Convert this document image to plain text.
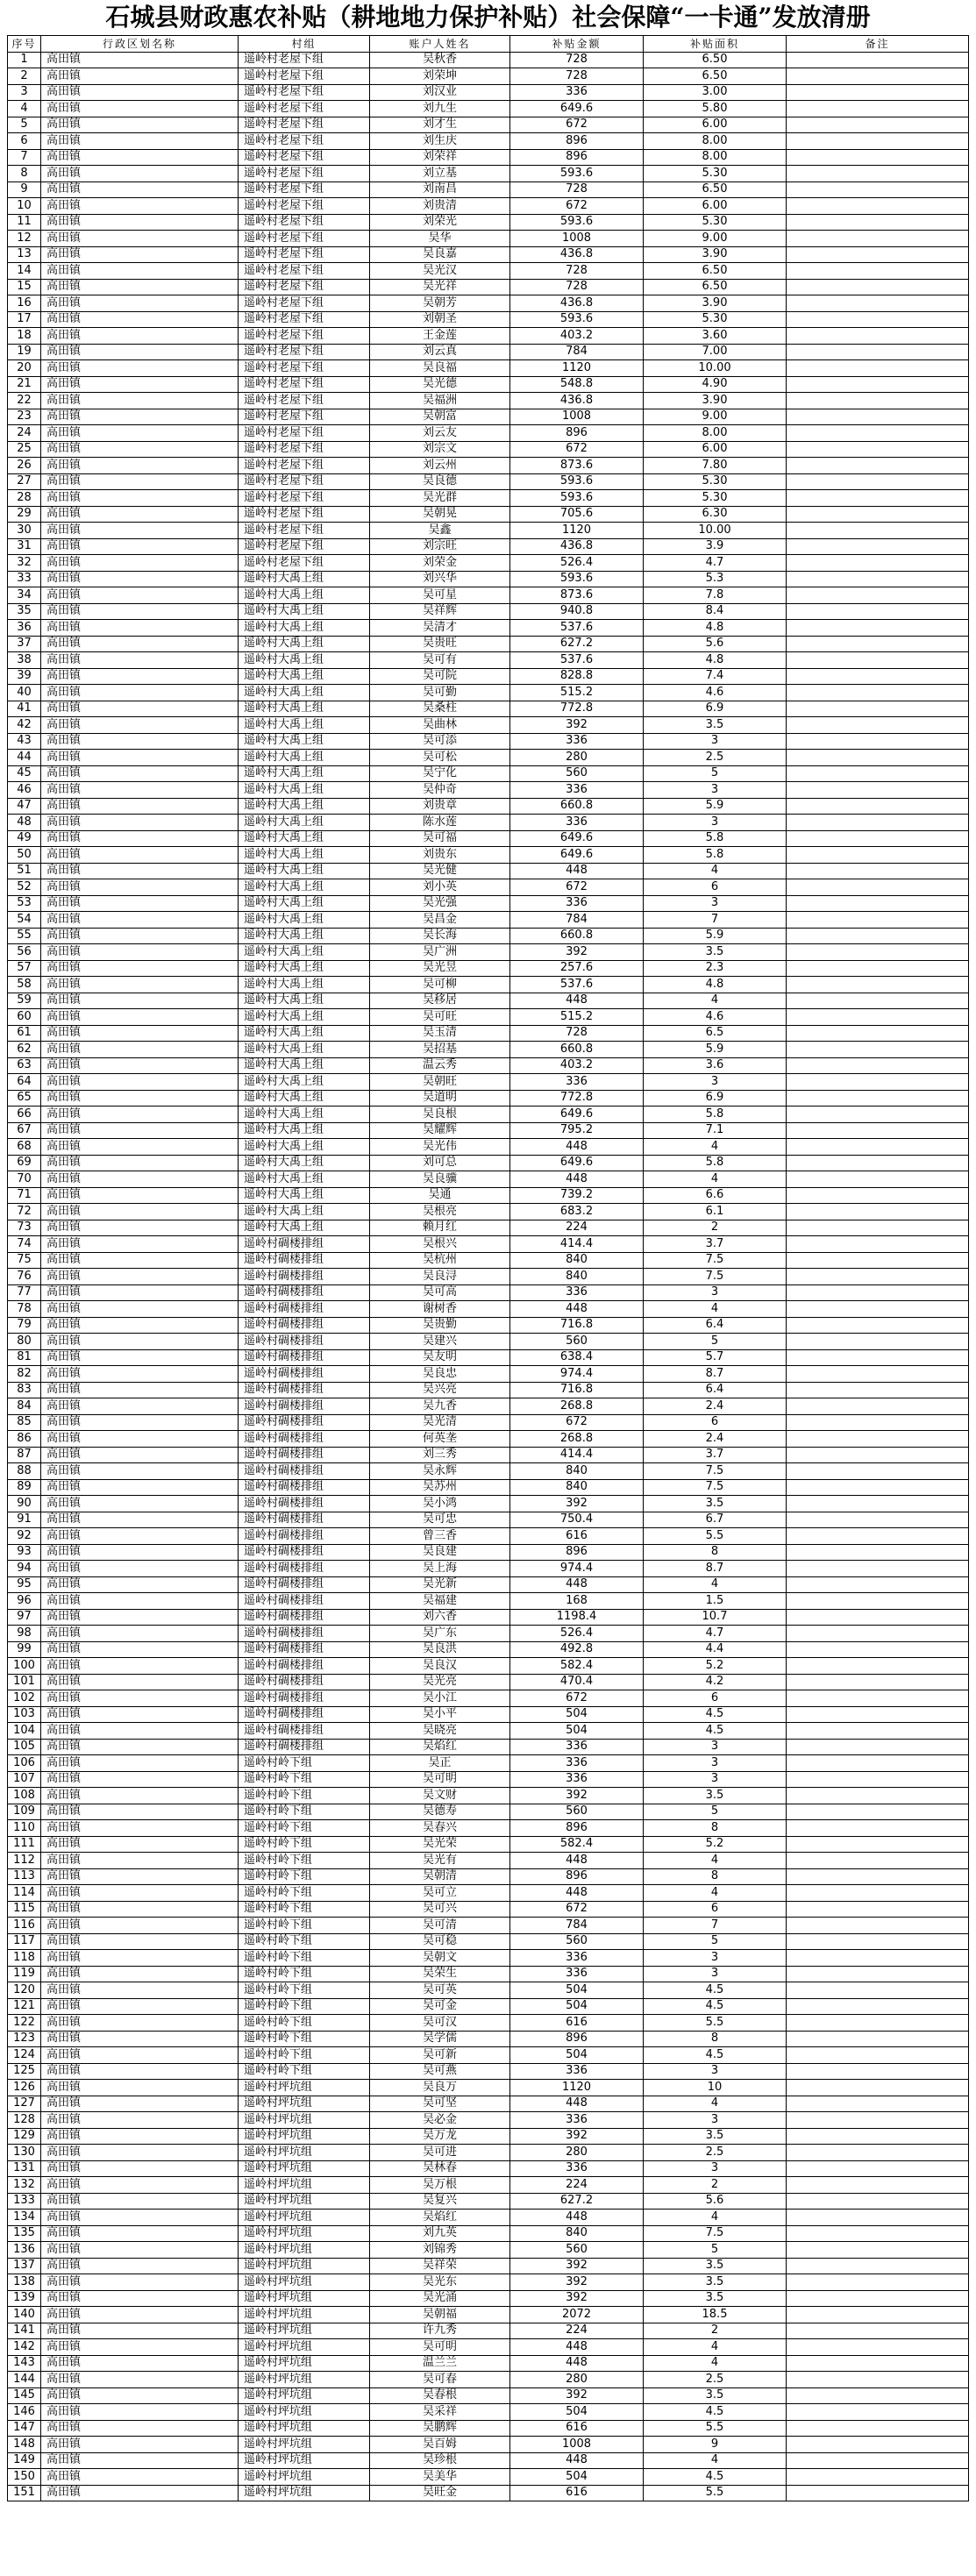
石城县财政惠农补贴（耕地地力保护补贴）社会保障“一卡通”发放清册
序号	行政区划名称	村组	账户人姓名	补贴金额	补贴面积	备注
1	高田镇	遥岭村老屋下组	吴秋香	728	6.50	
2	高田镇	遥岭村老屋下组	刘荣坤	728	6.50	
3	高田镇	遥岭村老屋下组	刘汉业	336	3.00	
4	高田镇	遥岭村老屋下组	刘九生	649.6	5.80	
5	高田镇	遥岭村老屋下组	刘才生	672	6.00	
6	高田镇	遥岭村老屋下组	刘生庆	896	8.00	
7	高田镇	遥岭村老屋下组	刘荣祥	896	8.00	
8	高田镇	遥岭村老屋下组	刘立基	593.6	5.30	
9	高田镇	遥岭村老屋下组	刘南昌	728	6.50	
10	高田镇	遥岭村老屋下组	刘贵清	672	6.00	
11	高田镇	遥岭村老屋下组	刘荣光	593.6	5.30	
12	高田镇	遥岭村老屋下组	吴华	1008	9.00	
13	高田镇	遥岭村老屋下组	吴良嘉	436.8	3.90	
14	高田镇	遥岭村老屋下组	吴光汉	728	6.50	
15	高田镇	遥岭村老屋下组	吴光祥	728	6.50	
16	高田镇	遥岭村老屋下组	吴朝芳	436.8	3.90	
17	高田镇	遥岭村老屋下组	刘朝圣	593.6	5.30	
18	高田镇	遥岭村老屋下组	王金莲	403.2	3.60	
19	高田镇	遥岭村老屋下组	刘云真	784	7.00	
20	高田镇	遥岭村老屋下组	吴良福	1120	10.00	
21	高田镇	遥岭村老屋下组	吴光德	548.8	4.90	
22	高田镇	遥岭村老屋下组	吴福洲	436.8	3.90	
23	高田镇	遥岭村老屋下组	吴朝富	1008	9.00	
24	高田镇	遥岭村老屋下组	刘云友	896	8.00	
25	高田镇	遥岭村老屋下组	刘宗文	672	6.00	
26	高田镇	遥岭村老屋下组	刘云州	873.6	7.80	
27	高田镇	遥岭村老屋下组	吴良德	593.6	5.30	
28	高田镇	遥岭村老屋下组	吴光群	593.6	5.30	
29	高田镇	遥岭村老屋下组	吴朝晃	705.6	6.30	
30	高田镇	遥岭村老屋下组	吴鑫	1120	10.00	
31	高田镇	遥岭村老屋下组	刘宗旺	436.8	3.9	
32	高田镇	遥岭村老屋下组	刘荣金	526.4	4.7	
33	高田镇	遥岭村大禹上组	刘兴华	593.6	5.3	
34	高田镇	遥岭村大禹上组	吴可星	873.6	7.8	
35	高田镇	遥岭村大禹上组	吴祥辉	940.8	8.4	
36	高田镇	遥岭村大禹上组	吴清才	537.6	4.8	
37	高田镇	遥岭村大禹上组	吴贵旺	627.2	5.6	
38	高田镇	遥岭村大禹上组	吴可有	537.6	4.8	
39	高田镇	遥岭村大禹上组	吴可院	828.8	7.4	
40	高田镇	遥岭村大禹上组	吴可勤	515.2	4.6	
41	高田镇	遥岭村大禹上组	吴桑柱	772.8	6.9	
42	高田镇	遥岭村大禹上组	吴曲林	392	3.5	
43	高田镇	遥岭村大禹上组	吴可添	336	3	
44	高田镇	遥岭村大禹上组	吴可松	280	2.5	
45	高田镇	遥岭村大禹上组	吴宁化	560	5	
46	高田镇	遥岭村大禹上组	吴仲奇	336	3	
47	高田镇	遥岭村大禹上组	刘贵章	660.8	5.9	
48	高田镇	遥岭村大禹上组	陈水莲	336	3	
49	高田镇	遥岭村大禹上组	吴可福	649.6	5.8	
50	高田镇	遥岭村大禹上组	刘贵东	649.6	5.8	
51	高田镇	遥岭村大禹上组	吴光健	448	4	
52	高田镇	遥岭村大禹上组	刘小英	672	6	
53	高田镇	遥岭村大禹上组	吴光强	336	3	
54	高田镇	遥岭村大禹上组	吴昌金	784	7	
55	高田镇	遥岭村大禹上组	吴长海	660.8	5.9	
56	高田镇	遥岭村大禹上组	吴广洲	392	3.5	
57	高田镇	遥岭村大禹上组	吴光昱	257.6	2.3	
58	高田镇	遥岭村大禹上组	吴可柳	537.6	4.8	
59	高田镇	遥岭村大禹上组	吴移居	448	4	
60	高田镇	遥岭村大禹上组	吴可旺	515.2	4.6	
61	高田镇	遥岭村大禹上组	吴玉清	728	6.5	
62	高田镇	遥岭村大禹上组	吴招基	660.8	5.9	
63	高田镇	遥岭村大禹上组	温云秀	403.2	3.6	
64	高田镇	遥岭村大禹上组	吴朝旺	336	3	
65	高田镇	遥岭村大禹上组	吴道明	772.8	6.9	
66	高田镇	遥岭村大禹上组	吴良根	649.6	5.8	
67	高田镇	遥岭村大禹上组	吴耀辉	795.2	7.1	
68	高田镇	遥岭村大禹上组	吴光伟	448	4	
69	高田镇	遥岭村大禹上组	刘可总	649.6	5.8	
70	高田镇	遥岭村大禹上组	吴良骥	448	4	
71	高田镇	遥岭村大禹上组	吴通	739.2	6.6	
72	高田镇	遥岭村大禹上组	吴根亮	683.2	6.1	
73	高田镇	遥岭村大禹上组	赖月红	224	2	
74	高田镇	遥岭村碉楼排组	吴根兴	414.4	3.7	
75	高田镇	遥岭村碉楼排组	吴杭州	840	7.5	
76	高田镇	遥岭村碉楼排组	吴良浔	840	7.5	
77	高田镇	遥岭村碉楼排组	吴可高	336	3	
78	高田镇	遥岭村碉楼排组	谢树香	448	4	
79	高田镇	遥岭村碉楼排组	吴贵勤	716.8	6.4	
80	高田镇	遥岭村碉楼排组	吴建兴	560	5	
81	高田镇	遥岭村碉楼排组	吴友明	638.4	5.7	
82	高田镇	遥岭村碉楼排组	吴良忠	974.4	8.7	
83	高田镇	遥岭村碉楼排组	吴兴亮	716.8	6.4	
84	高田镇	遥岭村碉楼排组	吴九香	268.8	2.4	
85	高田镇	遥岭村碉楼排组	吴光清	672	6	
86	高田镇	遥岭村碉楼排组	何英垄	268.8	2.4	
87	高田镇	遥岭村碉楼排组	刘三秀	414.4	3.7	
88	高田镇	遥岭村碉楼排组	吴永辉	840	7.5	
89	高田镇	遥岭村碉楼排组	吴苏州	840	7.5	
90	高田镇	遥岭村碉楼排组	吴小鸿	392	3.5	
91	高田镇	遥岭村碉楼排组	吴可忠	750.4	6.7	
92	高田镇	遥岭村碉楼排组	曾三香	616	5.5	
93	高田镇	遥岭村碉楼排组	吴良建	896	8	
94	高田镇	遥岭村碉楼排组	吴上海	974.4	8.7	
95	高田镇	遥岭村碉楼排组	吴光新	448	4	
96	高田镇	遥岭村碉楼排组	吴福建	168	1.5	
97	高田镇	遥岭村碉楼排组	刘六香	1198.4	10.7	
98	高田镇	遥岭村碉楼排组	吴广东	526.4	4.7	
99	高田镇	遥岭村碉楼排组	吴良洪	492.8	4.4	
100	高田镇	遥岭村碉楼排组	吴良汉	582.4	5.2	
101	高田镇	遥岭村碉楼排组	吴光亮	470.4	4.2	
102	高田镇	遥岭村碉楼排组	吴小江	672	6	
103	高田镇	遥岭村碉楼排组	吴小平	504	4.5	
104	高田镇	遥岭村碉楼排组	吴晓亮	504	4.5	
105	高田镇	遥岭村碉楼排组	吴焰红	336	3	
106	高田镇	遥岭村岭下组	吴正	336	3	
107	高田镇	遥岭村岭下组	吴可明	336	3	
108	高田镇	遥岭村岭下组	吴文财	392	3.5	
109	高田镇	遥岭村岭下组	吴德寿	560	5	
110	高田镇	遥岭村岭下组	吴春兴	896	8	
111	高田镇	遥岭村岭下组	吴光荣	582.4	5.2	
112	高田镇	遥岭村岭下组	吴光有	448	4	
113	高田镇	遥岭村岭下组	吴朝清	896	8	
114	高田镇	遥岭村岭下组	吴可立	448	4	
115	高田镇	遥岭村岭下组	吴可兴	672	6	
116	高田镇	遥岭村岭下组	吴可清	784	7	
117	高田镇	遥岭村岭下组	吴可稳	560	5	
118	高田镇	遥岭村岭下组	吴朝文	336	3	
119	高田镇	遥岭村岭下组	吴荣生	336	3	
120	高田镇	遥岭村岭下组	吴可英	504	4.5	
121	高田镇	遥岭村岭下组	吴可金	504	4.5	
122	高田镇	遥岭村岭下组	吴可汉	616	5.5	
123	高田镇	遥岭村岭下组	吴学儒	896	8	
124	高田镇	遥岭村岭下组	吴可新	504	4.5	
125	高田镇	遥岭村岭下组	吴可燕	336	3	
126	高田镇	遥岭村坪坑组	吴良万	1120	10	
127	高田镇	遥岭村坪坑组	吴可坚	448	4	
128	高田镇	遥岭村坪坑组	吴必金	336	3	
129	高田镇	遥岭村坪坑组	吴万龙	392	3.5	
130	高田镇	遥岭村坪坑组	吴可进	280	2.5	
131	高田镇	遥岭村坪坑组	吴林春	336	3	
132	高田镇	遥岭村坪坑组	吴万根	224	2	
133	高田镇	遥岭村坪坑组	吴复兴	627.2	5.6	
134	高田镇	遥岭村坪坑组	吴焰红	448	4	
135	高田镇	遥岭村坪坑组	刘九英	840	7.5	
136	高田镇	遥岭村坪坑组	刘锦秀	560	5	
137	高田镇	遥岭村坪坑组	吴祥荣	392	3.5	
138	高田镇	遥岭村坪坑组	吴光东	392	3.5	
139	高田镇	遥岭村坪坑组	吴光涌	392	3.5	
140	高田镇	遥岭村坪坑组	吴朝福	2072	18.5	
141	高田镇	遥岭村坪坑组	许九秀	224	2	
142	高田镇	遥岭村坪坑组	吴可明	448	4	
143	高田镇	遥岭村坪坑组	温兰兰	448	4	
144	高田镇	遥岭村坪坑组	吴可春	280	2.5	
145	高田镇	遥岭村坪坑组	吴春根	392	3.5	
146	高田镇	遥岭村坪坑组	吴采祥	504	4.5	
147	高田镇	遥岭村坪坑组	吴鹏辉	616	5.5	
148	高田镇	遥岭村坪坑组	吴百姆	1008	9	
149	高田镇	遥岭村坪坑组	吴珍根	448	4	
150	高田镇	遥岭村坪坑组	吴美华	504	4.5	
151	高田镇	遥岭村坪坑组	吴旺金	616	5.5	
